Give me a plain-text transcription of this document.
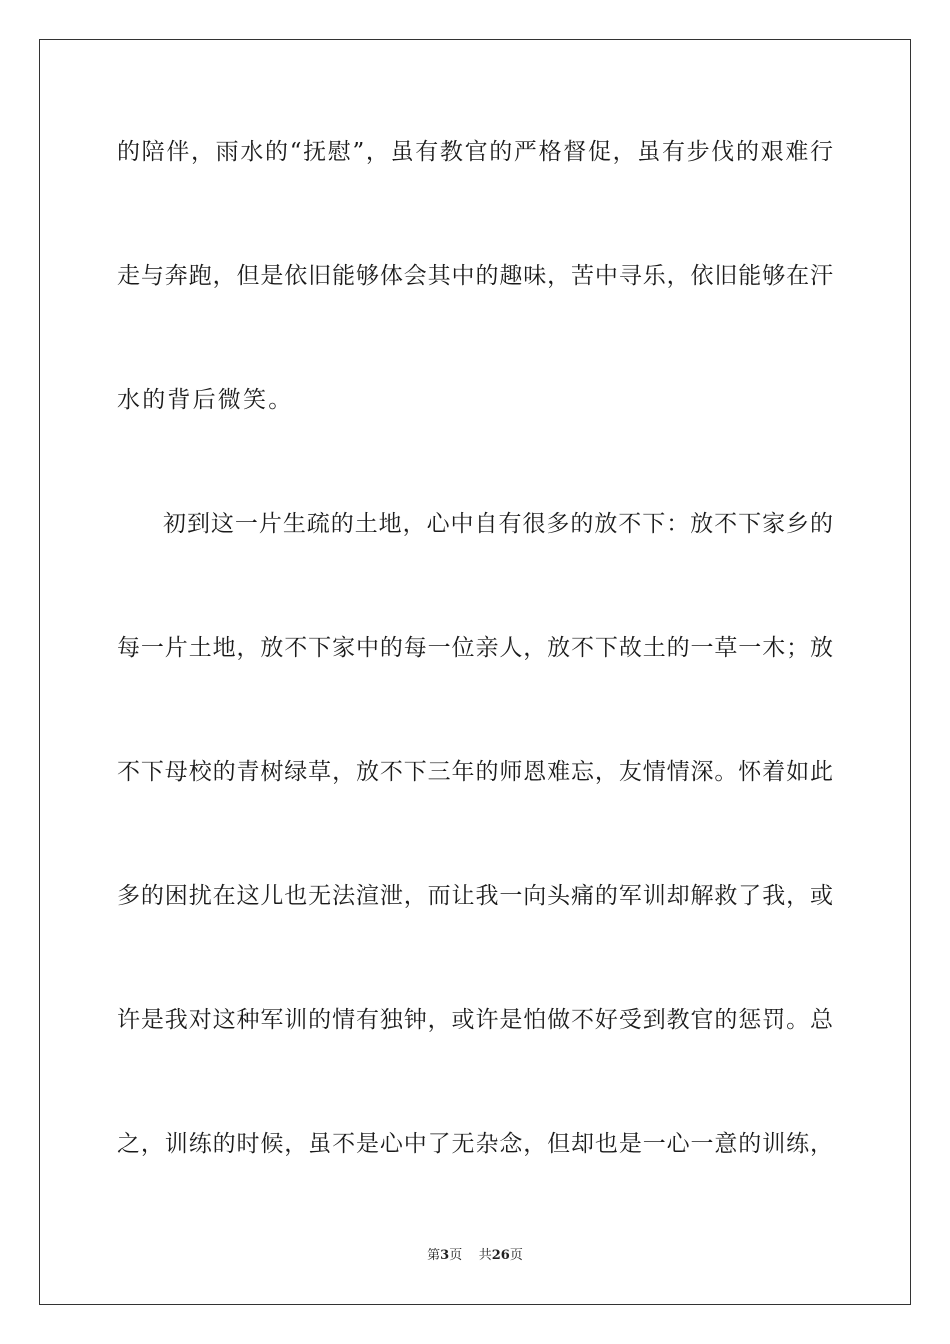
的陪伴，雨水的“抚慰”，虽有教官的严格督促，虽有步伐的艰难行
走与奔跑，但是依旧能够体会其中的趣味，苦中寻乐，依旧能够在汗
水的背后微笑。
初到这一片生疏的土地，心中自有很多的放不下：放不下家乡的
每一片土地，放不下家中的每一位亲人，放不下故土的一草一木；放
不下母校的青树绿草，放不下三年的师恩难忘，友情情深。怀着如此
多的困扰在这儿也无法渲泄，而让我一向头痛的军训却解救了我，或
许是我对这种军训的情有独钟，或许是怕做不好受到教官的惩罚。总
之，训练的时候，虽不是心中了无杂念，但却也是一心一意的训练，
第3页 共26页
